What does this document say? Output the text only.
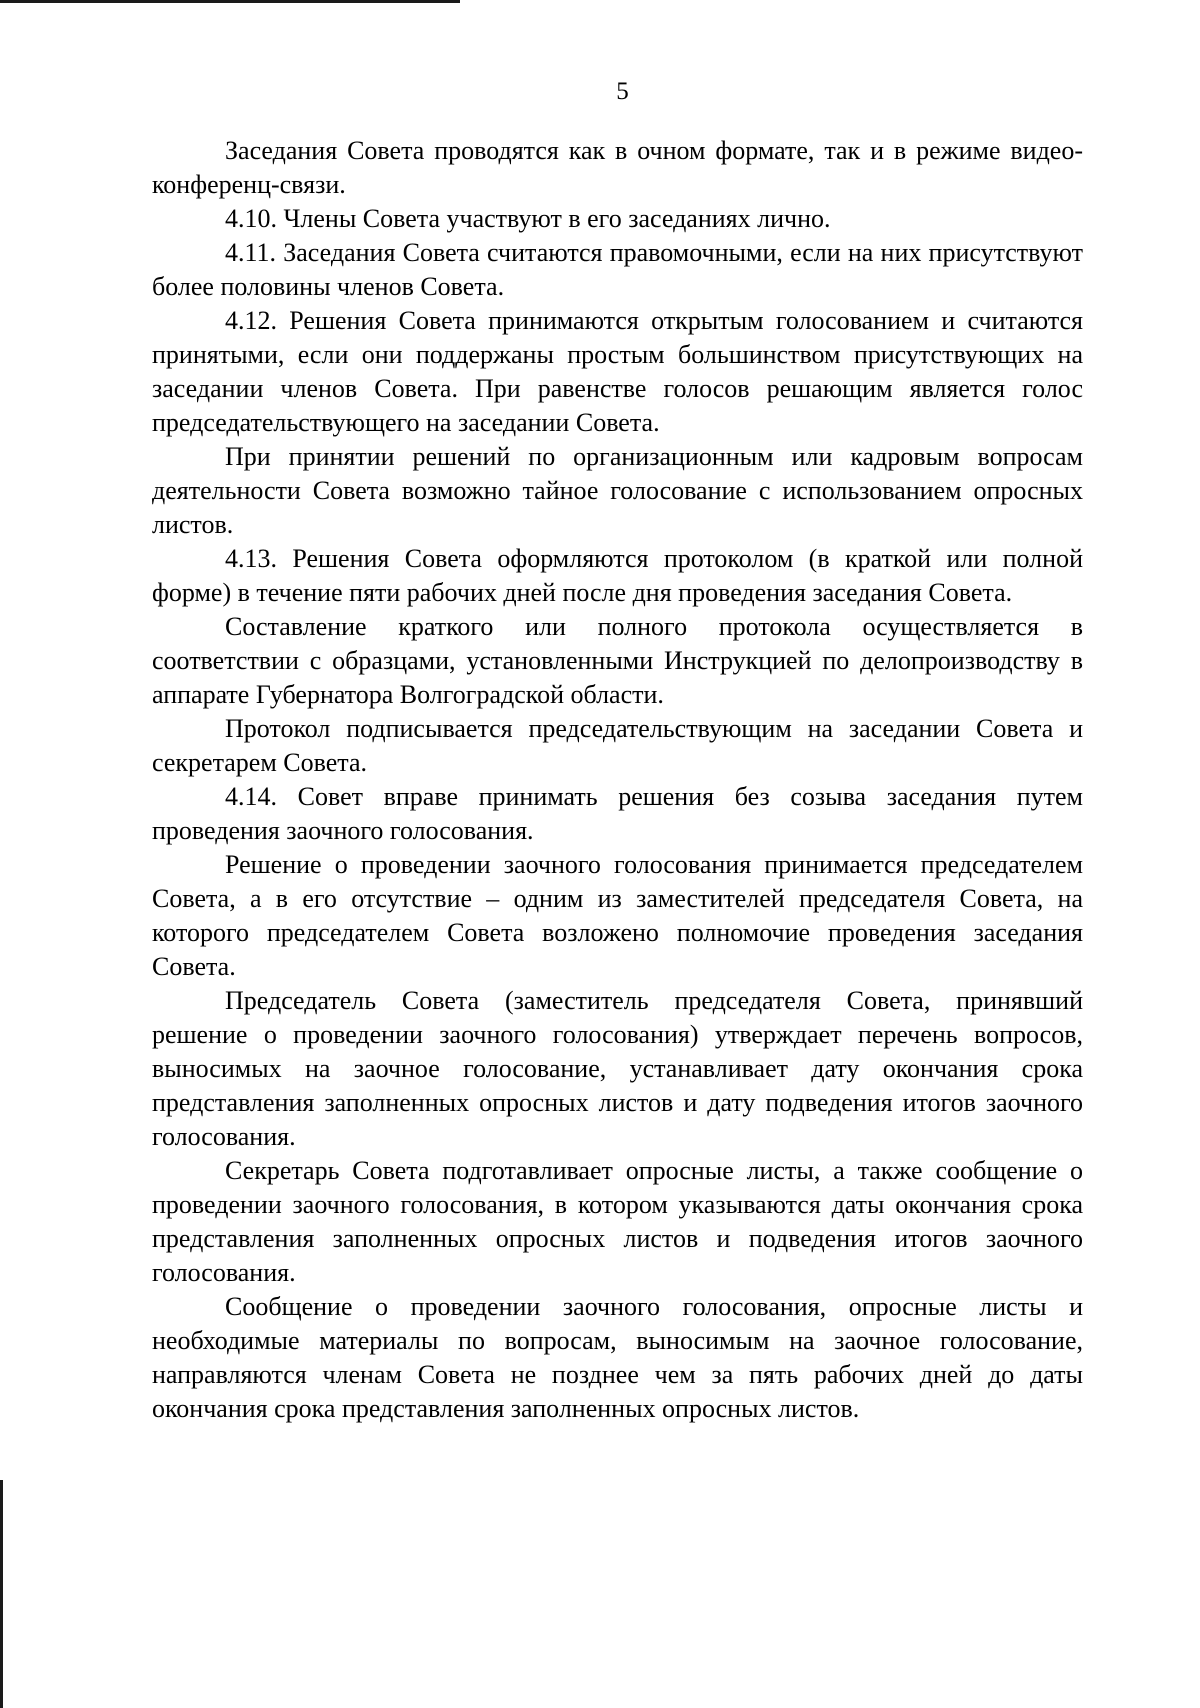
5

Заседания Совета проводятся как в очном формате, так и в режиме видео-конференц-связи.

4.10. Члены Совета участвуют в его заседаниях лично.

4.11. Заседания Совета считаются правомочными, если на них присутствуют более половины членов Совета.

4.12. Решения Совета принимаются открытым голосованием и считаются принятыми, если они поддержаны простым большинством присутствующих на заседании членов Совета. При равенстве голосов решающим является голос председательствующего на заседании Совета.

При принятии решений по организационным или кадровым вопросам деятельности Совета возможно тайное голосование с использованием опросных листов.

4.13. Решения Совета оформляются протоколом (в краткой или полной форме) в течение пяти рабочих дней после дня проведения заседания Совета.

Составление краткого или полного протокола осуществляется в соответствии с образцами, установленными Инструкцией по делопроизводству в аппарате Губернатора Волгоградской области.

Протокол подписывается председательствующим на заседании Совета и секретарем Совета.

4.14. Совет вправе принимать решения без созыва заседания путем проведения заочного голосования.

Решение о проведении заочного голосования принимается председателем Совета, а в его отсутствие – одним из заместителей председателя Совета, на которого председателем Совета возложено полномочие проведения заседания Совета.

Председатель Совета (заместитель председателя Совета, принявший решение о проведении заочного голосования) утверждает перечень вопросов, выносимых на заочное голосование, устанавливает дату окончания срока представления заполненных опросных листов и дату подведения итогов заочного голосования.

Секретарь Совета подготавливает опросные листы, а также сообщение о проведении заочного голосования, в котором указываются даты окончания срока представления заполненных опросных листов и подведения итогов заочного голосования.

Сообщение о проведении заочного голосования, опросные листы и необходимые материалы по вопросам, выносимым на заочное голосование, направляются членам Совета не позднее чем за пять рабочих дней до даты окончания срока представления заполненных опросных листов.
